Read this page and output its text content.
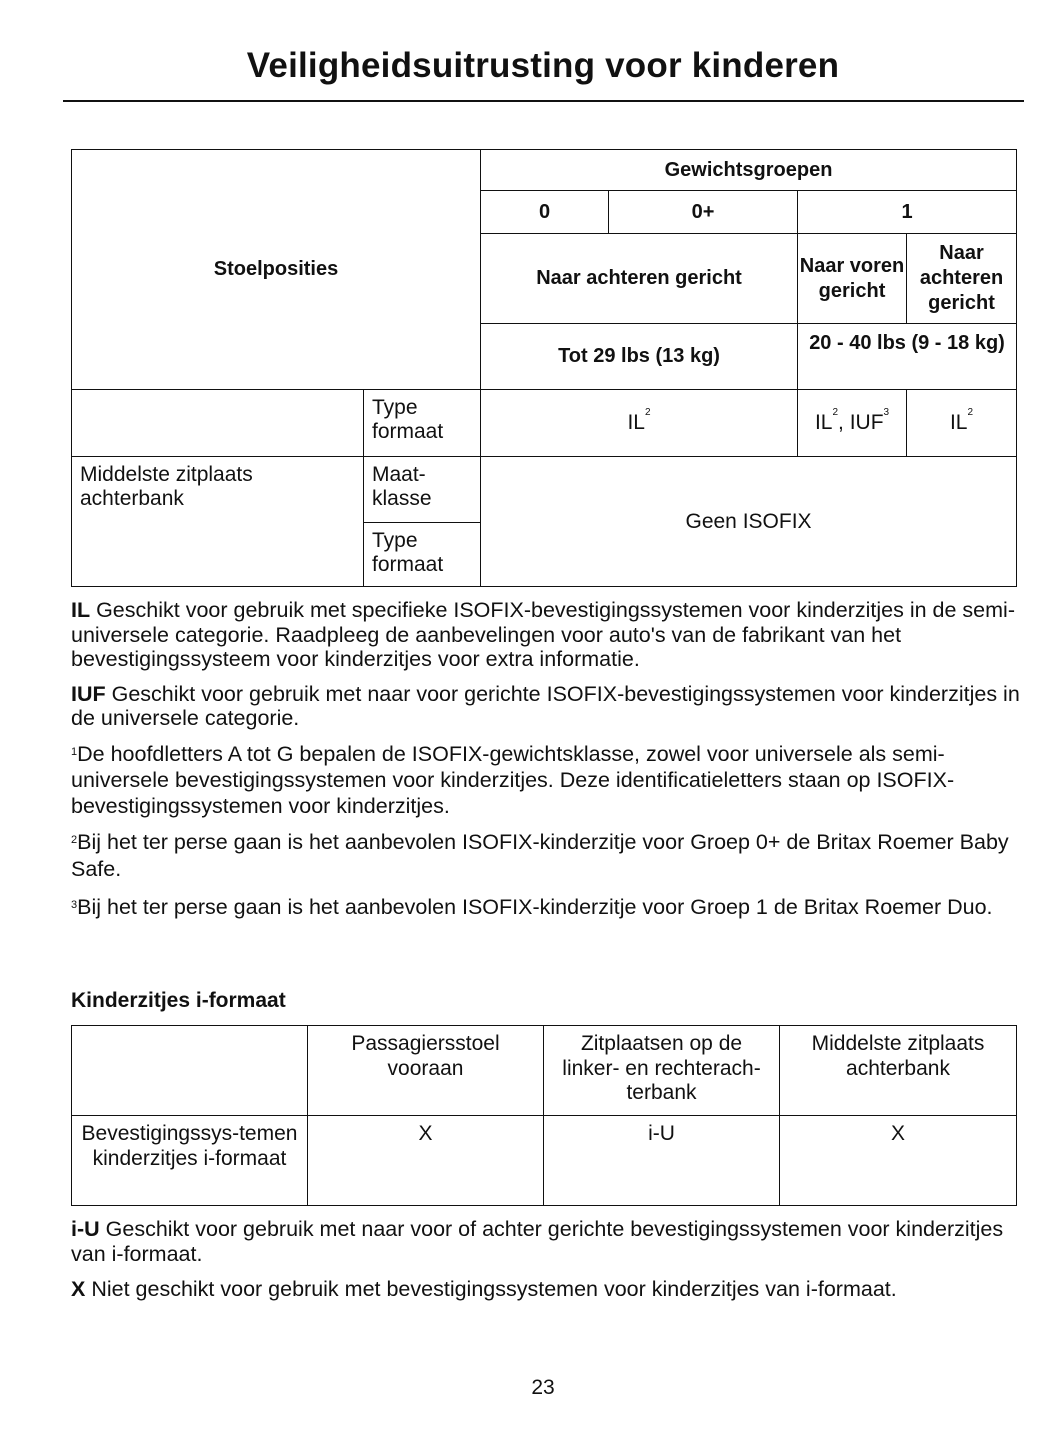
Veiligheidsuitrusting voor kinderen
Stoelposities		Gewichtsgroepen			
		0	0+	1	
		Naar achteren gericht		Naar voren gericht	Naar achteren gericht
		Tot 29 lbs (13 kg)		20 - 40 lbs (9 - 18 kg)	
	Type formaat	$IL^2$		$IL^2$, IUF$^3$	$IL^2$
Middelste zitplaats achterbank	Maat-klasse	Geen ISOFIX			
	Type formaat				

IL Geschikt voor gebruik met specifieke ISOFIX-bevestigingssystemen voor kinderzitjes in de semi-universele categorie. Raadpleeg de aanbevelingen voor auto's van de fabrikant van het bevestigingssysteem voor kinderzitjes voor extra informatie.

IUF Geschikt voor gebruik met naar voor gerichte ISOFIX-bevestigingssystemen voor kinderzitjes in de universele categorie.

$^1$De hoofdletters A tot G bepalen de ISOFIX-gewichtsklasse, zowel voor universele als semi-universele bevestigingssystemen voor kinderzitjes. Deze identificatieletters staan op ISOFIX-bevestigingssystemen voor kinderzitjes.

$^2$Bij het ter perse gaan is het aanbevolen ISOFIX-kinderzitje voor Groep 0+ de Britax Roemer Baby Safe.

$^3$Bij het ter perse gaan is het aanbevolen ISOFIX-kinderzitje voor Groep 1 de Britax Roemer Duo.

Kinderzitjes i-formaat
	Passagiersstoel vooraan	Zitplaatsen op de linker- en rechterach-terbank	Middelste zitplaats achterbank
Bevestigingssys-temen kinderzitjes i-formaat	X	i-U	X

i-U Geschikt voor gebruik met naar voor of achter gerichte bevestigingssystemen voor kinderzitjes van i-formaat.

X Niet geschikt voor gebruik met bevestigingssystemen voor kinderzitjes van i-formaat.

23
